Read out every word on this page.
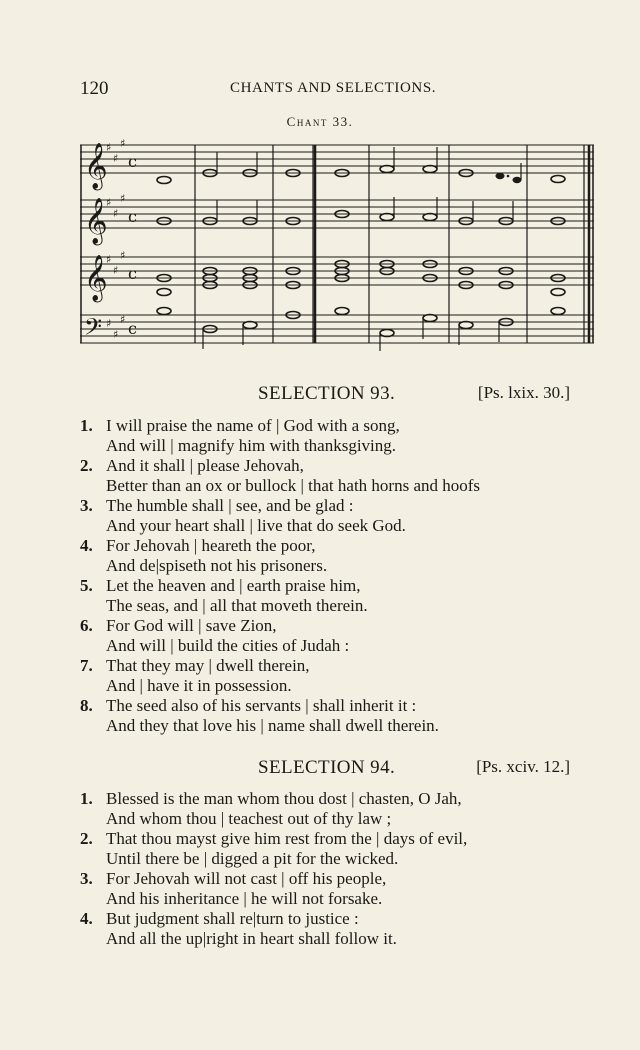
120	CHANTS AND SELECTIONS.
Chant 33.
𝄞
𝄞
𝄞
𝄢
♯
♯
♯
♯
♯
♯
♯
♯
♯
♯
♯
♯
c
c
c
c
SELECTION 93.	[Ps. lxix. 30.]
1. I will praise the name of | God with a song,
And will | magnify him with thanksgiving.
2. And it shall | please Jehovah,
Better than an ox or bullock | that hath horns and hoofs
3. The humble shall | see, and be glad :
And your heart shall | live that do seek God.
4. For Jehovah | heareth the poor,
And de|spiseth not his prisoners.
5. Let the heaven and | earth praise him,
The seas, and | all that moveth therein.
6. For God will | save Zion,
And will | build the cities of Judah :
7. That they may | dwell therein,
And | have it in possession.
8. The seed also of his servants | shall inherit it :
And they that love his | name shall dwell therein.
SELECTION 94.	[Ps. xciv. 12.]
1. Blessed is the man whom thou dost | chasten, O Jah,
And whom thou | teachest out of thy law ;
2. That thou mayst give him rest from the | days of evil,
Until there be | digged a pit for the wicked.
3. For Jehovah will not cast | off his people,
And his inheritance | he will not forsake.
4. But judgment shall re|turn to justice :
And all the up|right in heart shall follow it.
